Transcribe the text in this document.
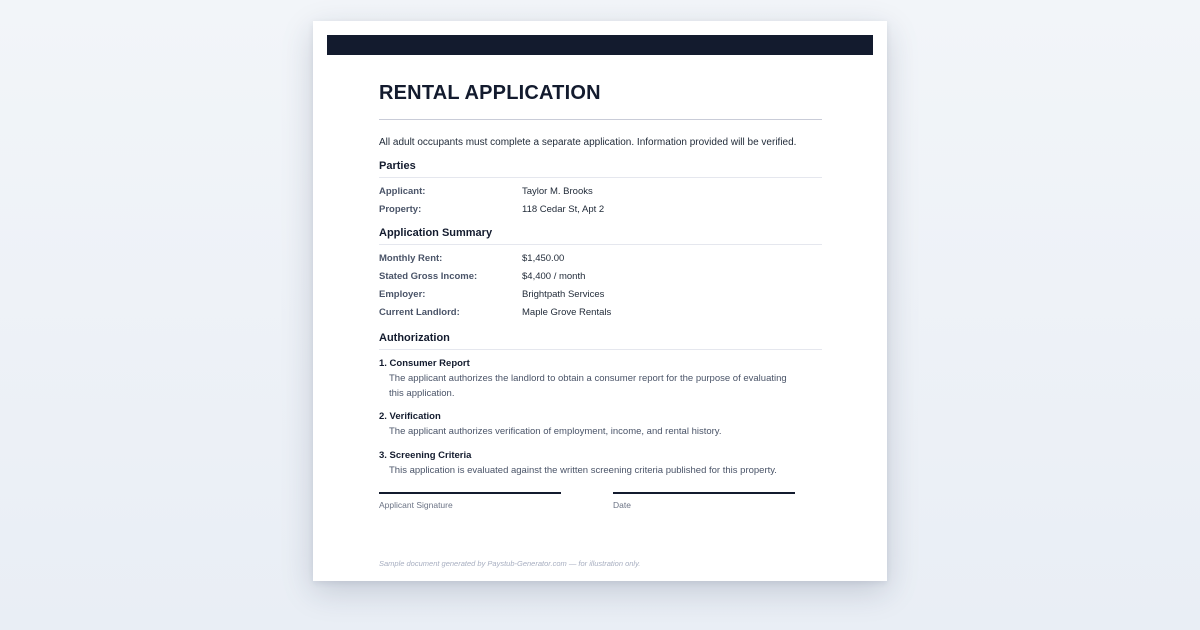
RENTAL APPLICATION

All adult occupants must complete a separate application. Information provided will be verified.

Parties
Applicant:	Taylor M. Brooks
Property:	118 Cedar St, Apt 2
Application Summary
Monthly Rent:	$1,450.00
Stated Gross Income:	$4,400 / month
Employer:	Brightpath Services
Current Landlord:	Maple Grove Rentals
Authorization
1. Consumer Report
The applicant authorizes the landlord to obtain a consumer report for the purpose of evaluating this application.
2. Verification
The applicant authorizes verification of employment, income, and rental history.
3. Screening Criteria
This application is evaluated against the written screening criteria published for this property.
Applicant Signature	Date
Sample document generated by Paystub-Generator.com — for illustration only.
